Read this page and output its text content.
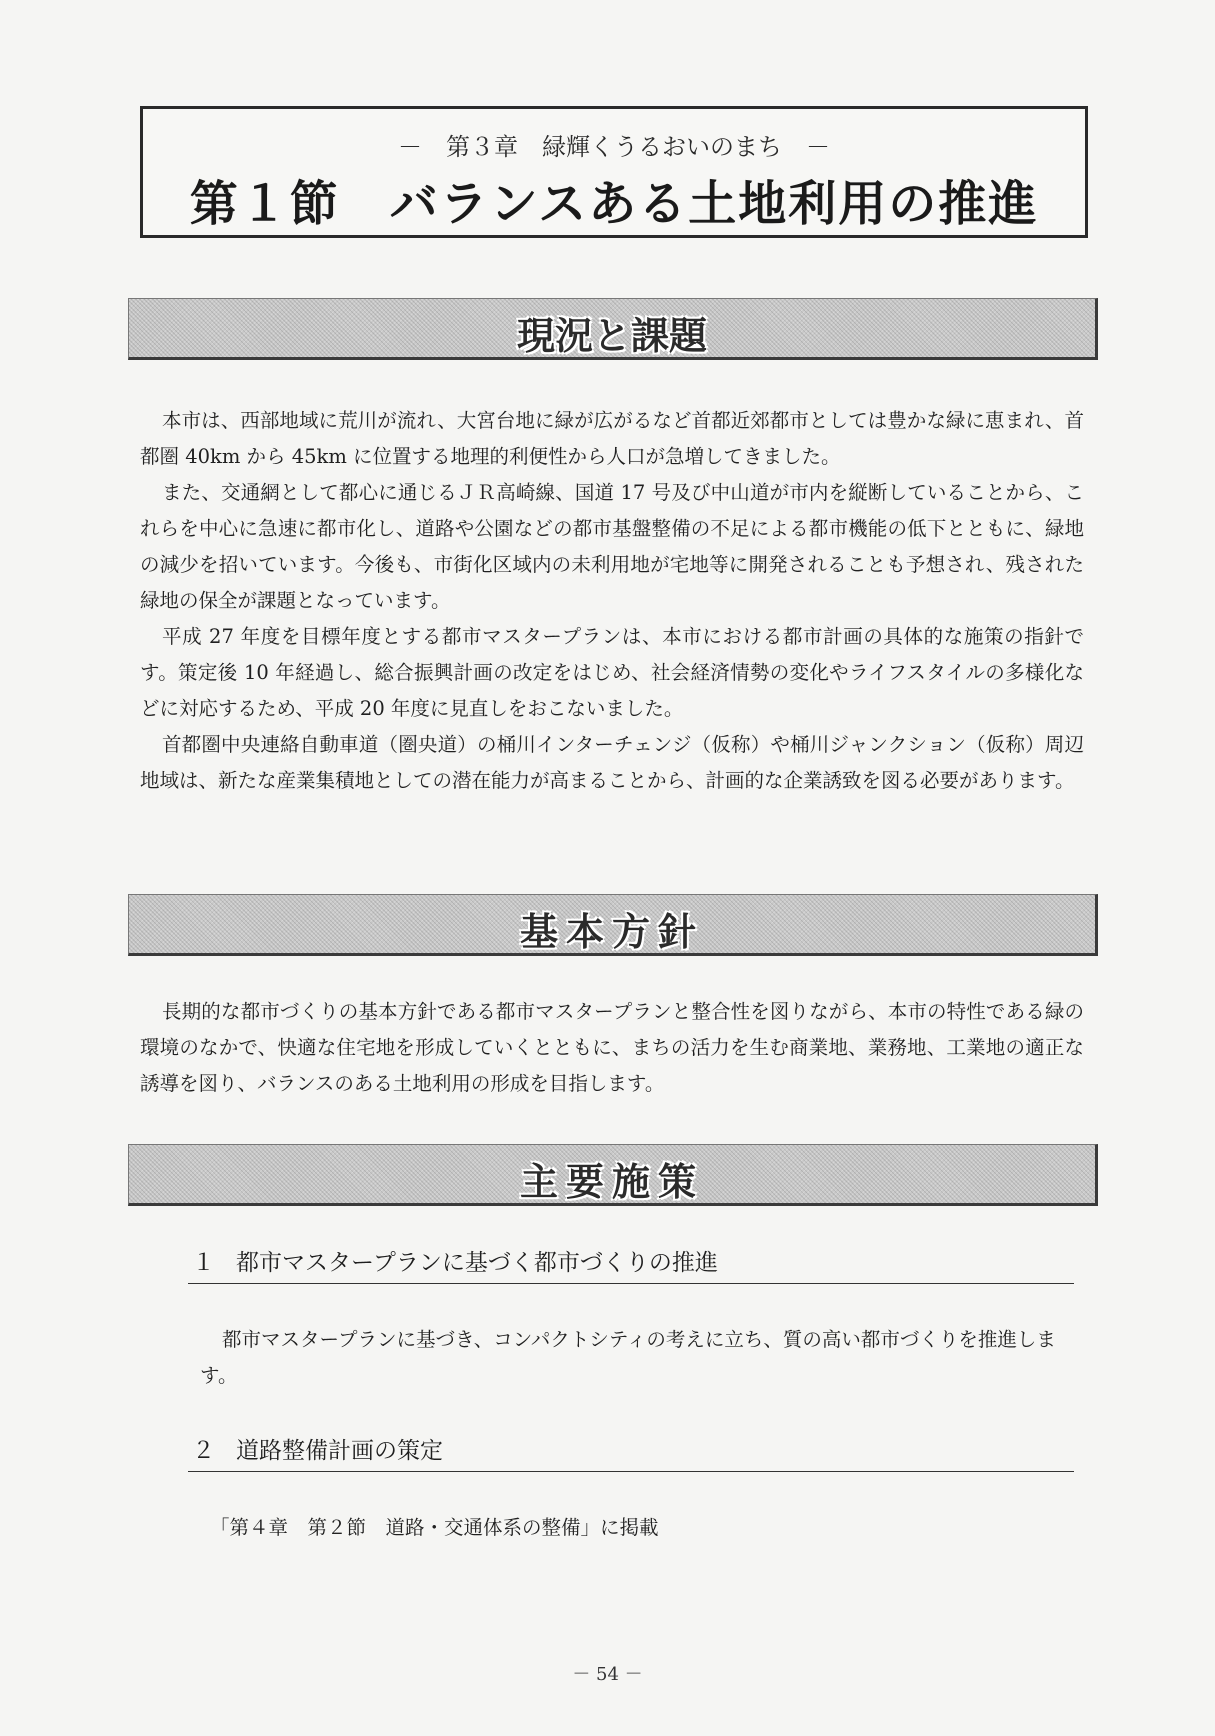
－　第３章　緑輝くうるおいのまち　－
第１節　バランスある土地利用の推進
現況と課題
本市は、西部地域に荒川が流れ、大宮台地に緑が広がるなど首都近郊都市としては豊かな緑に恵まれ、首都圏 40km から 45km に位置する地理的利便性から人口が急増してきました。
また、交通網として都心に通じるＪＲ高崎線、国道 17 号及び中山道が市内を縦断していることから、これらを中心に急速に都市化し、道路や公園などの都市基盤整備の不足による都市機能の低下とともに、緑地の減少を招いています。今後も、市街化区域内の未利用地が宅地等に開発されることも予想され、残された緑地の保全が課題となっています。
平成 27 年度を目標年度とする都市マスタープランは、本市における都市計画の具体的な施策の指針です。策定後 10 年経過し、総合振興計画の改定をはじめ、社会経済情勢の変化やライフスタイルの多様化などに対応するため、平成 20 年度に見直しをおこないました。
首都圏中央連絡自動車道（圏央道）の桶川インターチェンジ（仮称）や桶川ジャンクション（仮称）周辺地域は、新たな産業集積地としての潜在能力が高まることから、計画的な企業誘致を図る必要があります。
基本方針
長期的な都市づくりの基本方針である都市マスタープランと整合性を図りながら、本市の特性である緑の環境のなかで、快適な住宅地を形成していくとともに、まちの活力を生む商業地、業務地、工業地の適正な誘導を図り、バランスのある土地利用の形成を目指します。
主要施策
１ 都市マスタープランに基づく都市づくりの推進
都市マスタープランに基づき、コンパクトシティの考えに立ち、質の高い都市づくりを推進します。
２ 道路整備計画の策定
「第４章　第２節　道路・交通体系の整備」に掲載
－ 54 －
